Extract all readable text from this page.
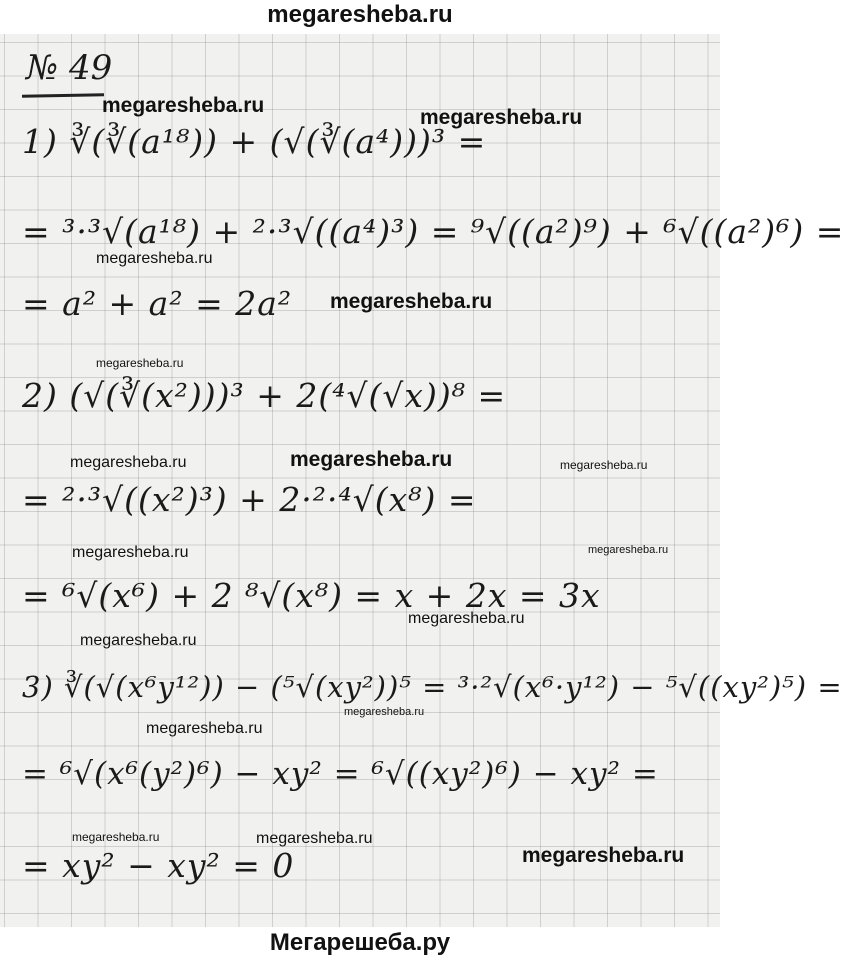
megaresheba.ru
№ 49
1) ∛(∛(a¹⁸)) + (√(∛(a⁴)))³ =
= ³·³√(a¹⁸) + ²·³√((a⁴)³) = ⁹√((a²)⁹) + ⁶√((a²)⁶) =
= a² + a² = 2a²
2) (√(∛(x²)))³ + 2(⁴√(√x))⁸ =
= ²·³√((x²)³) + 2·²·⁴√(x⁸) =
= ⁶√(x⁶) + 2 ⁸√(x⁸) = x + 2x = 3x
3) ∛(√(x⁶y¹²)) − (⁵√(xy²))⁵ = ³·²√(x⁶·y¹²) − ⁵√((xy²)⁵) =
= ⁶√(x⁶(y²)⁶) − xy² = ⁶√((xy²)⁶) − xy² =
= xy² − xy² = 0
megaresheba.ru
megaresheba.ru
megaresheba.ru
megaresheba.ru
megaresheba.ru
megaresheba.ru
megaresheba.ru	megaresheba.ru
megaresheba.ru	megaresheba.ru
megaresheba.ru
megaresheba.ru
megaresheba.ru
megaresheba.ru
megaresheba.ru	megaresheba.ru
megaresheba.ru
Мегарешеба.ру
